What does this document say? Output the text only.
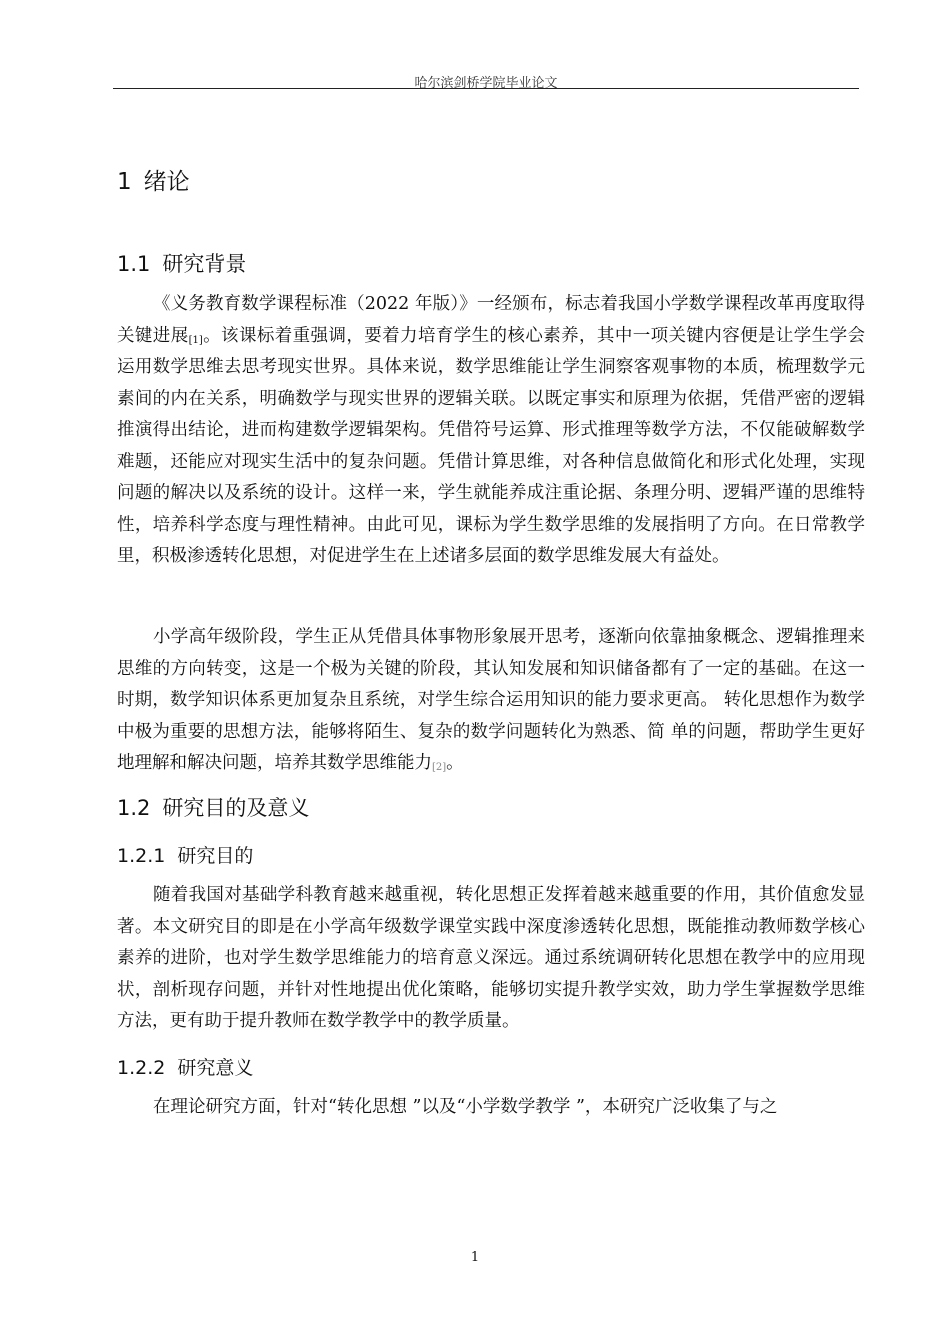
哈尔滨剑桥学院毕业论文
1 绪论
1.1 研究背景
《义务教育数学课程标准（2022 年版）》一经颁布，标志着我国小学数学课程改革再度取得关键进展[1]。该课标着重强调，要着力培育学生的核心素养，其中一项关键内容便是让学生学会运用数学思维去思考现实世界。具体来说，数学思维能让学生洞察客观事物的本质，梳理数学元素间的内在关系，明确数学与现实世界的逻辑关联。以既定事实和原理为依据，凭借严密的逻辑推演得出结论，进而构建数学逻辑架构。凭借符号运算、形式推理等数学方法，不仅能破解数学难题，还能应对现实生活中的复杂问题。凭借计算思维，对各种信息做简化和形式化处理，实现问题的解决以及系统的设计。这样一来，学生就能养成注重论据、条理分明、逻辑严谨的思维特性，培养科学态度与理性精神。由此可见，课标为学生数学思维的发展指明了方向。在日常教学里，积极渗透转化思想，对促进学生在上述诸多层面的数学思维发展大有益处。
小学高年级阶段，学生正从凭借具体事物形象展开思考，逐渐向依靠抽象概念、逻辑推理来思维的方向转变，这是一个极为关键的阶段，其认知发展和知识储备都有了一定的基础。在这一时期，数学知识体系更加复杂且系统，对学生综合运用知识的能力要求更高。 转化思想作为数学中极为重要的思想方法，能够将陌生、复杂的数学问题转化为熟悉、简 单的问题，帮助学生更好地理解和解决问题，培养其数学思维能力[2]。
1.2 研究目的及意义
1.2.1 研究目的
随着我国对基础学科教育越来越重视，转化思想正发挥着越来越重要的作用，其价值愈发显著。本文研究目的即是在小学高年级数学课堂实践中深度渗透转化思想，既能推动教师数学核心素养的进阶，也对学生数学思维能力的培育意义深远。通过系统调研转化思想在教学中的应用现状，剖析现存问题，并针对性地提出优化策略，能够切实提升教学实效，助力学生掌握数学思维方法，更有助于提升教师在数学教学中的教学质量。
1.2.2 研究意义
在理论研究方面，针对“转化思想 ”以及“小学数学教学 ”，本研究广泛收集了与之
1
